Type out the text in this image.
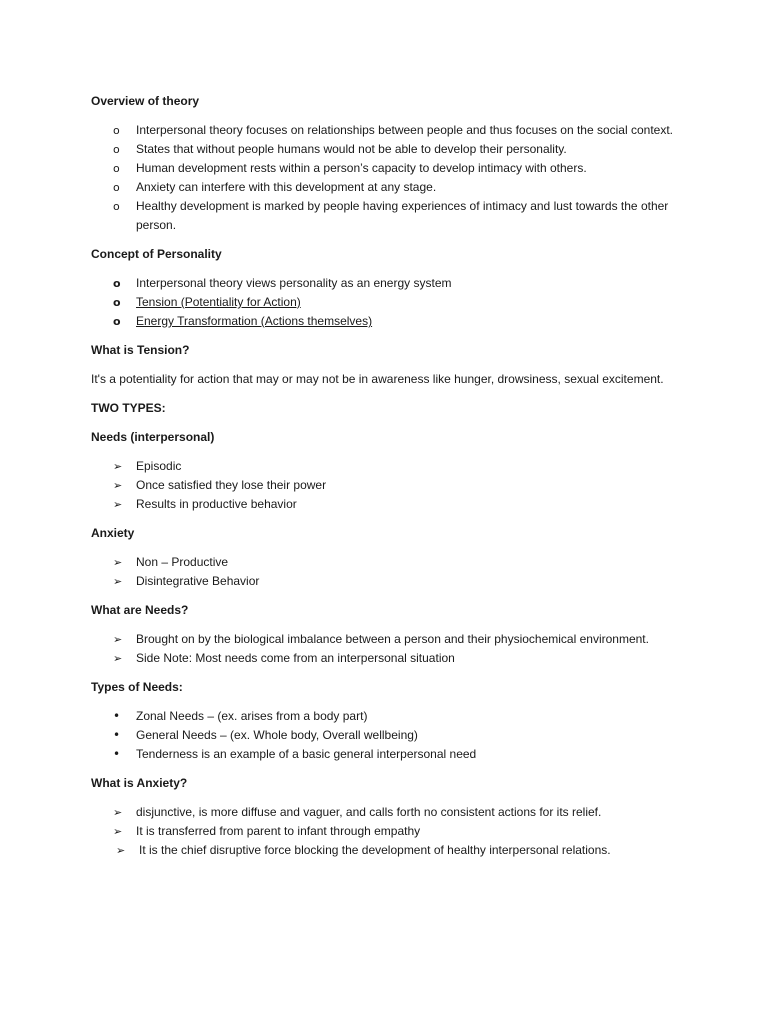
Overview of theory
o	Interpersonal theory focuses on relationships between people and thus focuses on the social context.
o	States that without people humans would not be able to develop their personality.
o	Human development rests within a person’s capacity to develop intimacy with others.
o	Anxiety can interfere with this development at any stage.
o	Healthy development is marked by people having experiences of intimacy and lust towards the other person.
Concept of Personality
o	Interpersonal theory views personality as an energy system
o	Tension (Potentiality for Action)
o	Energy Transformation (Actions themselves)
What is Tension?

It's a potentiality for action that may or may not be in awareness like hunger, drowsiness, sexual excitement.

TWO TYPES:
Needs (interpersonal)
➢	Episodic
➢	Once satisfied they lose their power
➢	Results in productive behavior
Anxiety
➢	Non – Productive
➢	Disintegrative Behavior
What are Needs?
➢	Brought on by the biological imbalance between a person and their physiochemical environment.
➢	Side Note: Most needs come from an interpersonal situation
Types of Needs:
•	Zonal Needs – (ex. arises from a body part)
•	General Needs – (ex. Whole body, Overall wellbeing)
•	Tenderness is an example of a basic general interpersonal need
What is Anxiety?
➢	disjunctive, is more diffuse and vaguer, and calls forth no consistent actions for its relief.
➢	It is transferred from parent to infant through empathy
➢	It is the chief disruptive force blocking the development of healthy interpersonal relations.
